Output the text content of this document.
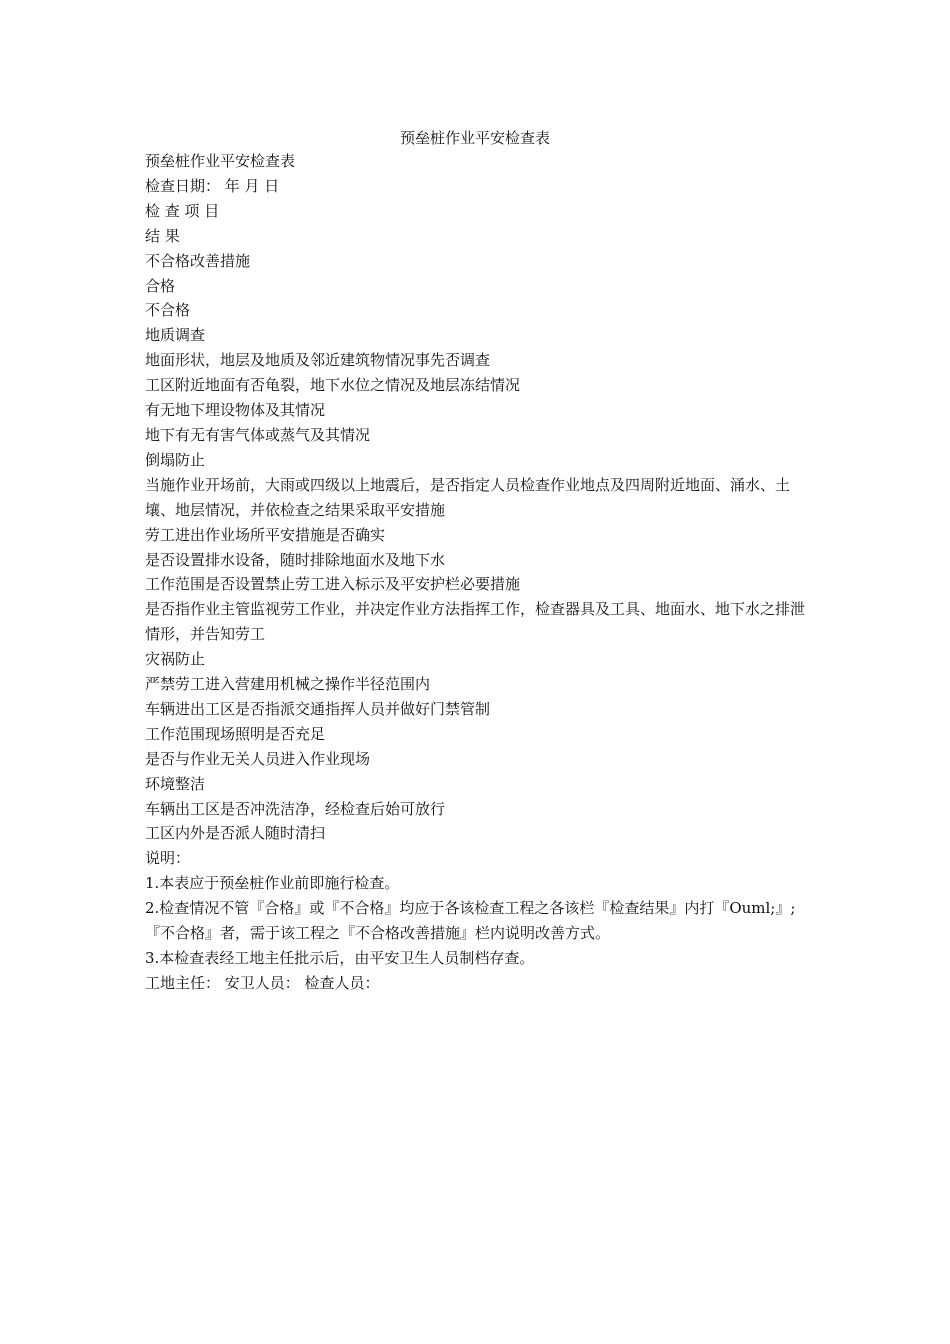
预垒桩作业平安检查表

预垒桩作业平安检查表

检查日期： 年 月 日

检 查 项 目

结 果

不合格改善措施

合格

不合格

地质调查

地面形状，地层及地质及邻近建筑物情况事先否调查

工区附近地面有否龟裂，地下水位之情况及地层冻结情况

有无地下埋设物体及其情况

地下有无有害气体或蒸气及其情况

倒塌防止

当施作业开场前，大雨或四级以上地震后，是否指定人员检查作业地点及四周附近地面、涌水、土壤、地层情况，并依检查之结果采取平安措施

劳工进出作业场所平安措施是否确实

是否设置排水设备，随时排除地面水及地下水

工作范围是否设置禁止劳工进入标示及平安护栏必要措施

是否指作业主管监视劳工作业，并决定作业方法指挥工作，检查器具及工具、地面水、地下水之排泄情形，并告知劳工

灾祸防止

严禁劳工进入营建用机械之操作半径范围内

车辆进出工区是否指派交通指挥人员并做好门禁管制

工作范围现场照明是否充足

是否与作业无关人员进入作业现场

环境整洁

车辆出工区是否冲洗洁净，经检查后始可放行

工区内外是否派人随时清扫

说明：

1.本表应于预垒桩作业前即施行检查。

2.检查情况不管『合格』或『不合格』均应于各该检查工程之各该栏『检查结果』内打『Ouml;』;『不合格』者，需于该工程之『不合格改善措施』栏内说明改善方式。

3.本检查表经工地主任批示后，由平安卫生人员制档存查。

工地主任： 安卫人员： 检查人员：
